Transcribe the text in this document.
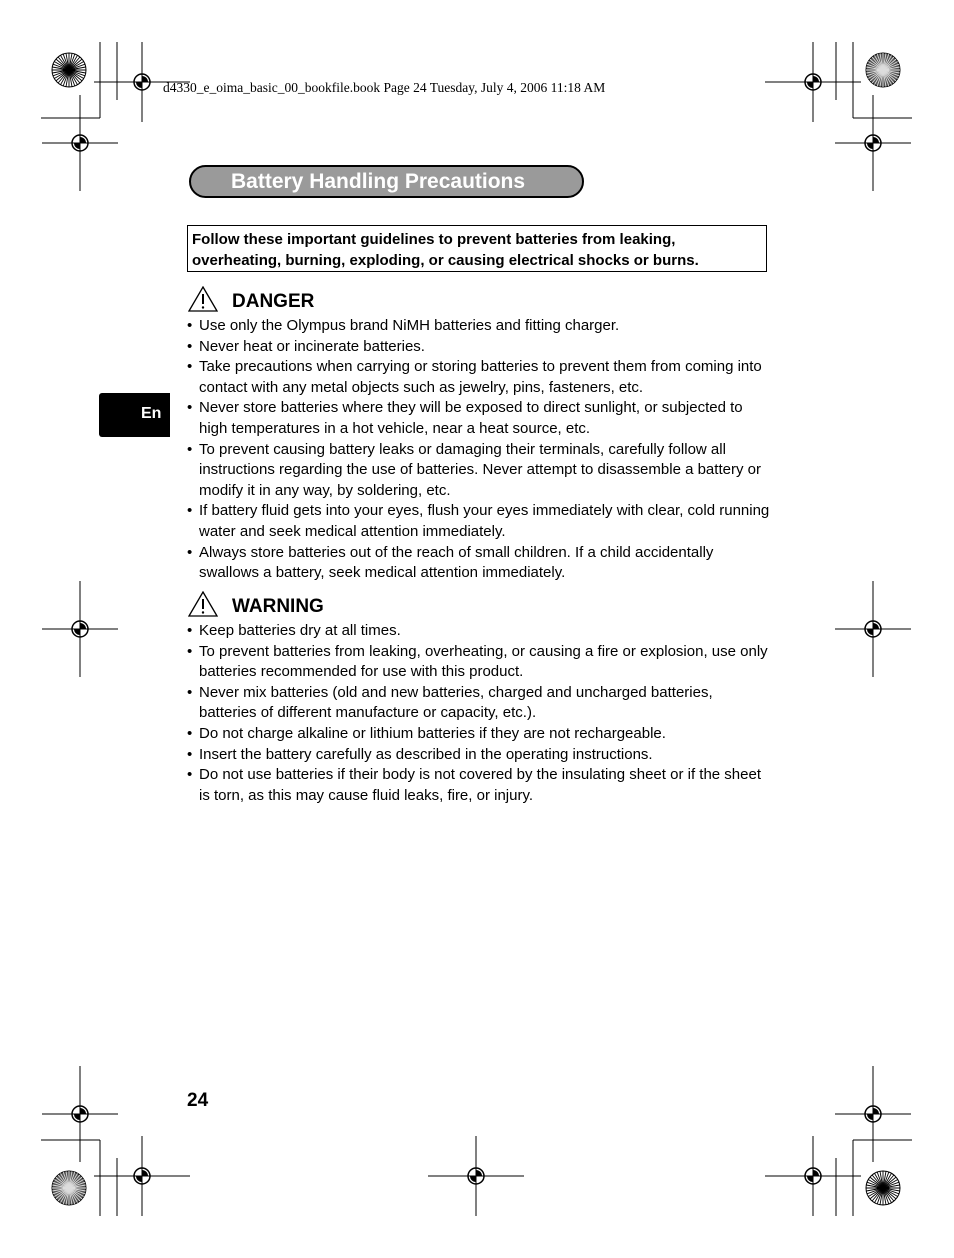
d4330_e_oima_basic_00_bookfile.book Page 24 Tuesday, July 4, 2006 11:18 AM
Battery Handling Precautions
Follow these important guidelines to prevent batteries from leaking,
overheating, burning, exploding, or causing electrical shocks or burns.
DANGER
• Use only the Olympus brand NiMH batteries and fitting charger.
• Never heat or incinerate batteries.
• Take precautions when carrying or storing batteries to prevent them from coming into contact with any metal objects such as jewelry, pins, fasteners, etc.
• Never store batteries where they will be exposed to direct sunlight, or subjected to high temperatures in a hot vehicle, near a heat source, etc.
• To prevent causing battery leaks or damaging their terminals, carefully follow all instructions regarding the use of batteries. Never attempt to disassemble a battery or modify it in any way, by soldering, etc.
• If battery fluid gets into your eyes, flush your eyes immediately with clear, cold running water and seek medical attention immediately.
• Always store batteries out of the reach of small children. If a child accidentally swallows a battery, seek medical attention immediately.
WARNING
• Keep batteries dry at all times.
• To prevent batteries from leaking, overheating, or causing a fire or explosion, use only batteries recommended for use with this product.
• Never mix batteries (old and new batteries, charged and uncharged batteries, batteries of different manufacture or capacity, etc.).
• Do not charge alkaline or lithium batteries if they are not rechargeable.
• Insert the battery carefully as described in the operating instructions.
• Do not use batteries if their body is not covered by the insulating sheet or if the sheet is torn, as this may cause fluid leaks, fire, or injury.
En
24
